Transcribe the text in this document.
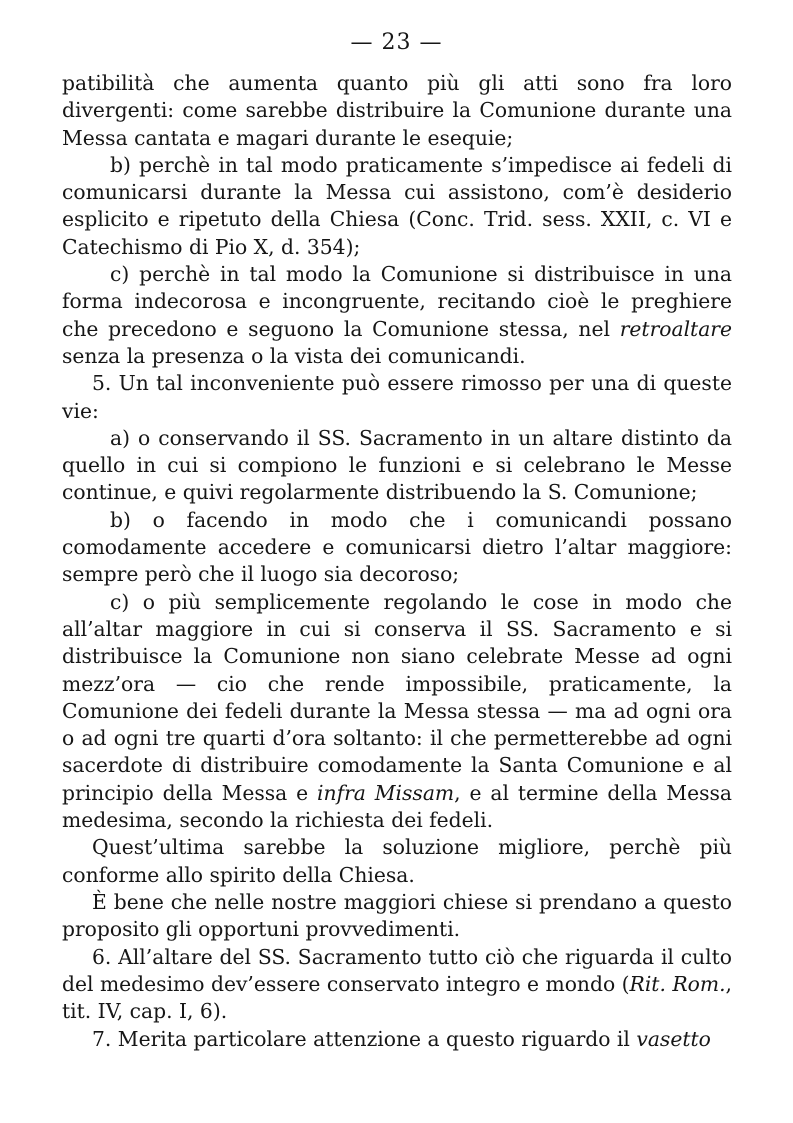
— 23 —

patibilità che aumenta quanto più gli atti sono fra loro divergenti: come sarebbe distribuire la Comunione durante una Messa cantata e magari durante le esequie;

b) perchè in tal modo praticamente s’impedisce ai fedeli di comunicarsi durante la Messa cui assistono, com’è desiderio esplicito e ripetuto della Chiesa (Conc. Trid. sess. XXII, c. VI e Catechismo di Pio X, d. 354);

c) perchè in tal modo la Comunione si distribuisce in una forma indecorosa e incongruente, recitando cioè le preghiere che precedono e seguono la Comunione stessa, nel retroaltare senza la presenza o la vista dei comunicandi.

5. Un tal inconveniente può essere rimosso per una di queste vie:

a) o conservando il SS. Sacramento in un altare distinto da quello in cui si compiono le funzioni e si celebrano le Messe continue, e quivi regolarmente distribuendo la S. Comunione;

b) o facendo in modo che i comunicandi possano comodamente accedere e comunicarsi dietro l’altar maggiore: sempre però che il luogo sia decoroso;

c) o più semplicemente regolando le cose in modo che all’altar maggiore in cui si conserva il SS. Sacramento e si distribuisce la Comunione non siano celebrate Messe ad ogni mezz’ora — cio che rende impossibile, praticamente, la Comunione dei fedeli durante la Messa stessa — ma ad ogni ora o ad ogni tre quarti d’ora soltanto: il che permetterebbe ad ogni sacerdote di distribuire comodamente la Santa Comunione e al principio della Messa e infra Missam, e al termine della Messa medesima, secondo la richiesta dei fedeli.

Quest’ultima sarebbe la soluzione migliore, perchè più conforme allo spirito della Chiesa.

È bene che nelle nostre maggiori chiese si prendano a questo proposito gli opportuni provvedimenti.

6. All’altare del SS. Sacramento tutto ciò che riguarda il culto del medesimo dev’essere conservato integro e mondo (Rit. Rom., tit. IV, cap. I, 6).

7. Merita particolare attenzione a questo riguardo il vasetto
